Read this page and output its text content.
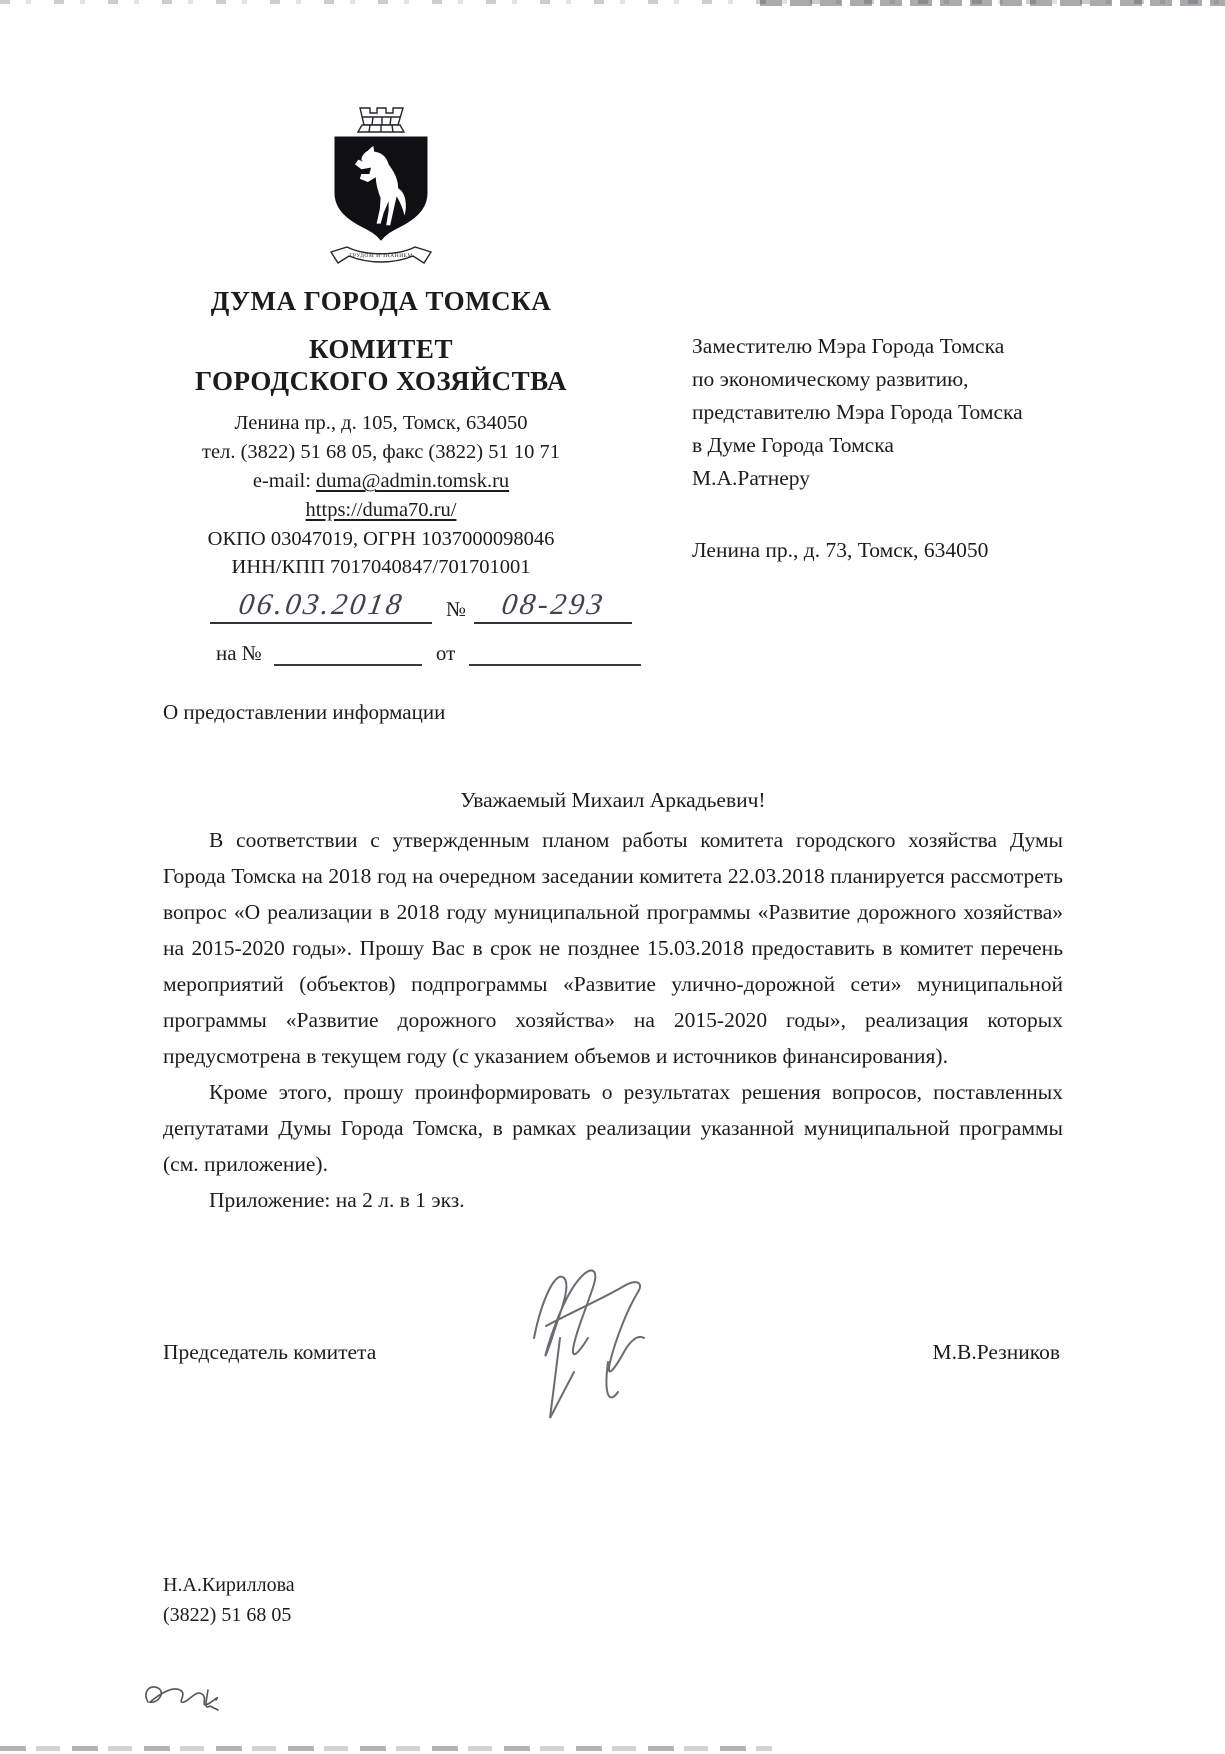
ТРУДОМ И ЗНАНИЕМ
ДУМА ГОРОДА ТОМСКА
КОМИТЕТ
ГОРОДСКОГО ХОЗЯЙСТВА
Ленина пр., д. 105, Томск, 634050
тел. (3822) 51 68 05, факс (3822) 51 10 71
e-mail: duma@admin.tomsk.ru
https://duma70.ru/
ОКПО 03047019, ОГРН 1037000098046
ИНН/КПП 7017040847/701701001
06.03.2018	№	08-293
на №	от
Заместителю Мэра Города Томска
по экономическому развитию,
представителю Мэра Города Томска
в Думе Города Томска
М.А.Ратнеру
Ленина пр., д. 73, Томск, 634050
О предоставлении информации
Уважаемый Михаил Аркадьевич!

В соответствии с утвержденным планом работы комитета городского хозяйства Думы Города Томска на 2018 год на очередном заседании комитета 22.03.2018 планируется рассмотреть вопрос «О реализации в 2018 году муниципальной программы «Развитие дорожного хозяйства» на 2015-2020 годы». Прошу Вас в срок не позднее 15.03.2018 предоставить в комитет перечень мероприятий (объектов) подпрограммы «Развитие улично-дорожной сети» муниципальной программы «Развитие дорожного хозяйства» на 2015-2020 годы», реализация которых предусмотрена в текущем году (с указанием объемов и источников финансирования).

Кроме этого, прошу проинформировать о результатах решения вопросов, поставленных депутатами Думы Города Томска, в рамках реализации указанной муниципальной программы (см. приложение).

Приложение: на 2 л. в 1 экз.

Председатель комитета	М.В.Резников
Н.А.Кириллова
(3822) 51 68 05
